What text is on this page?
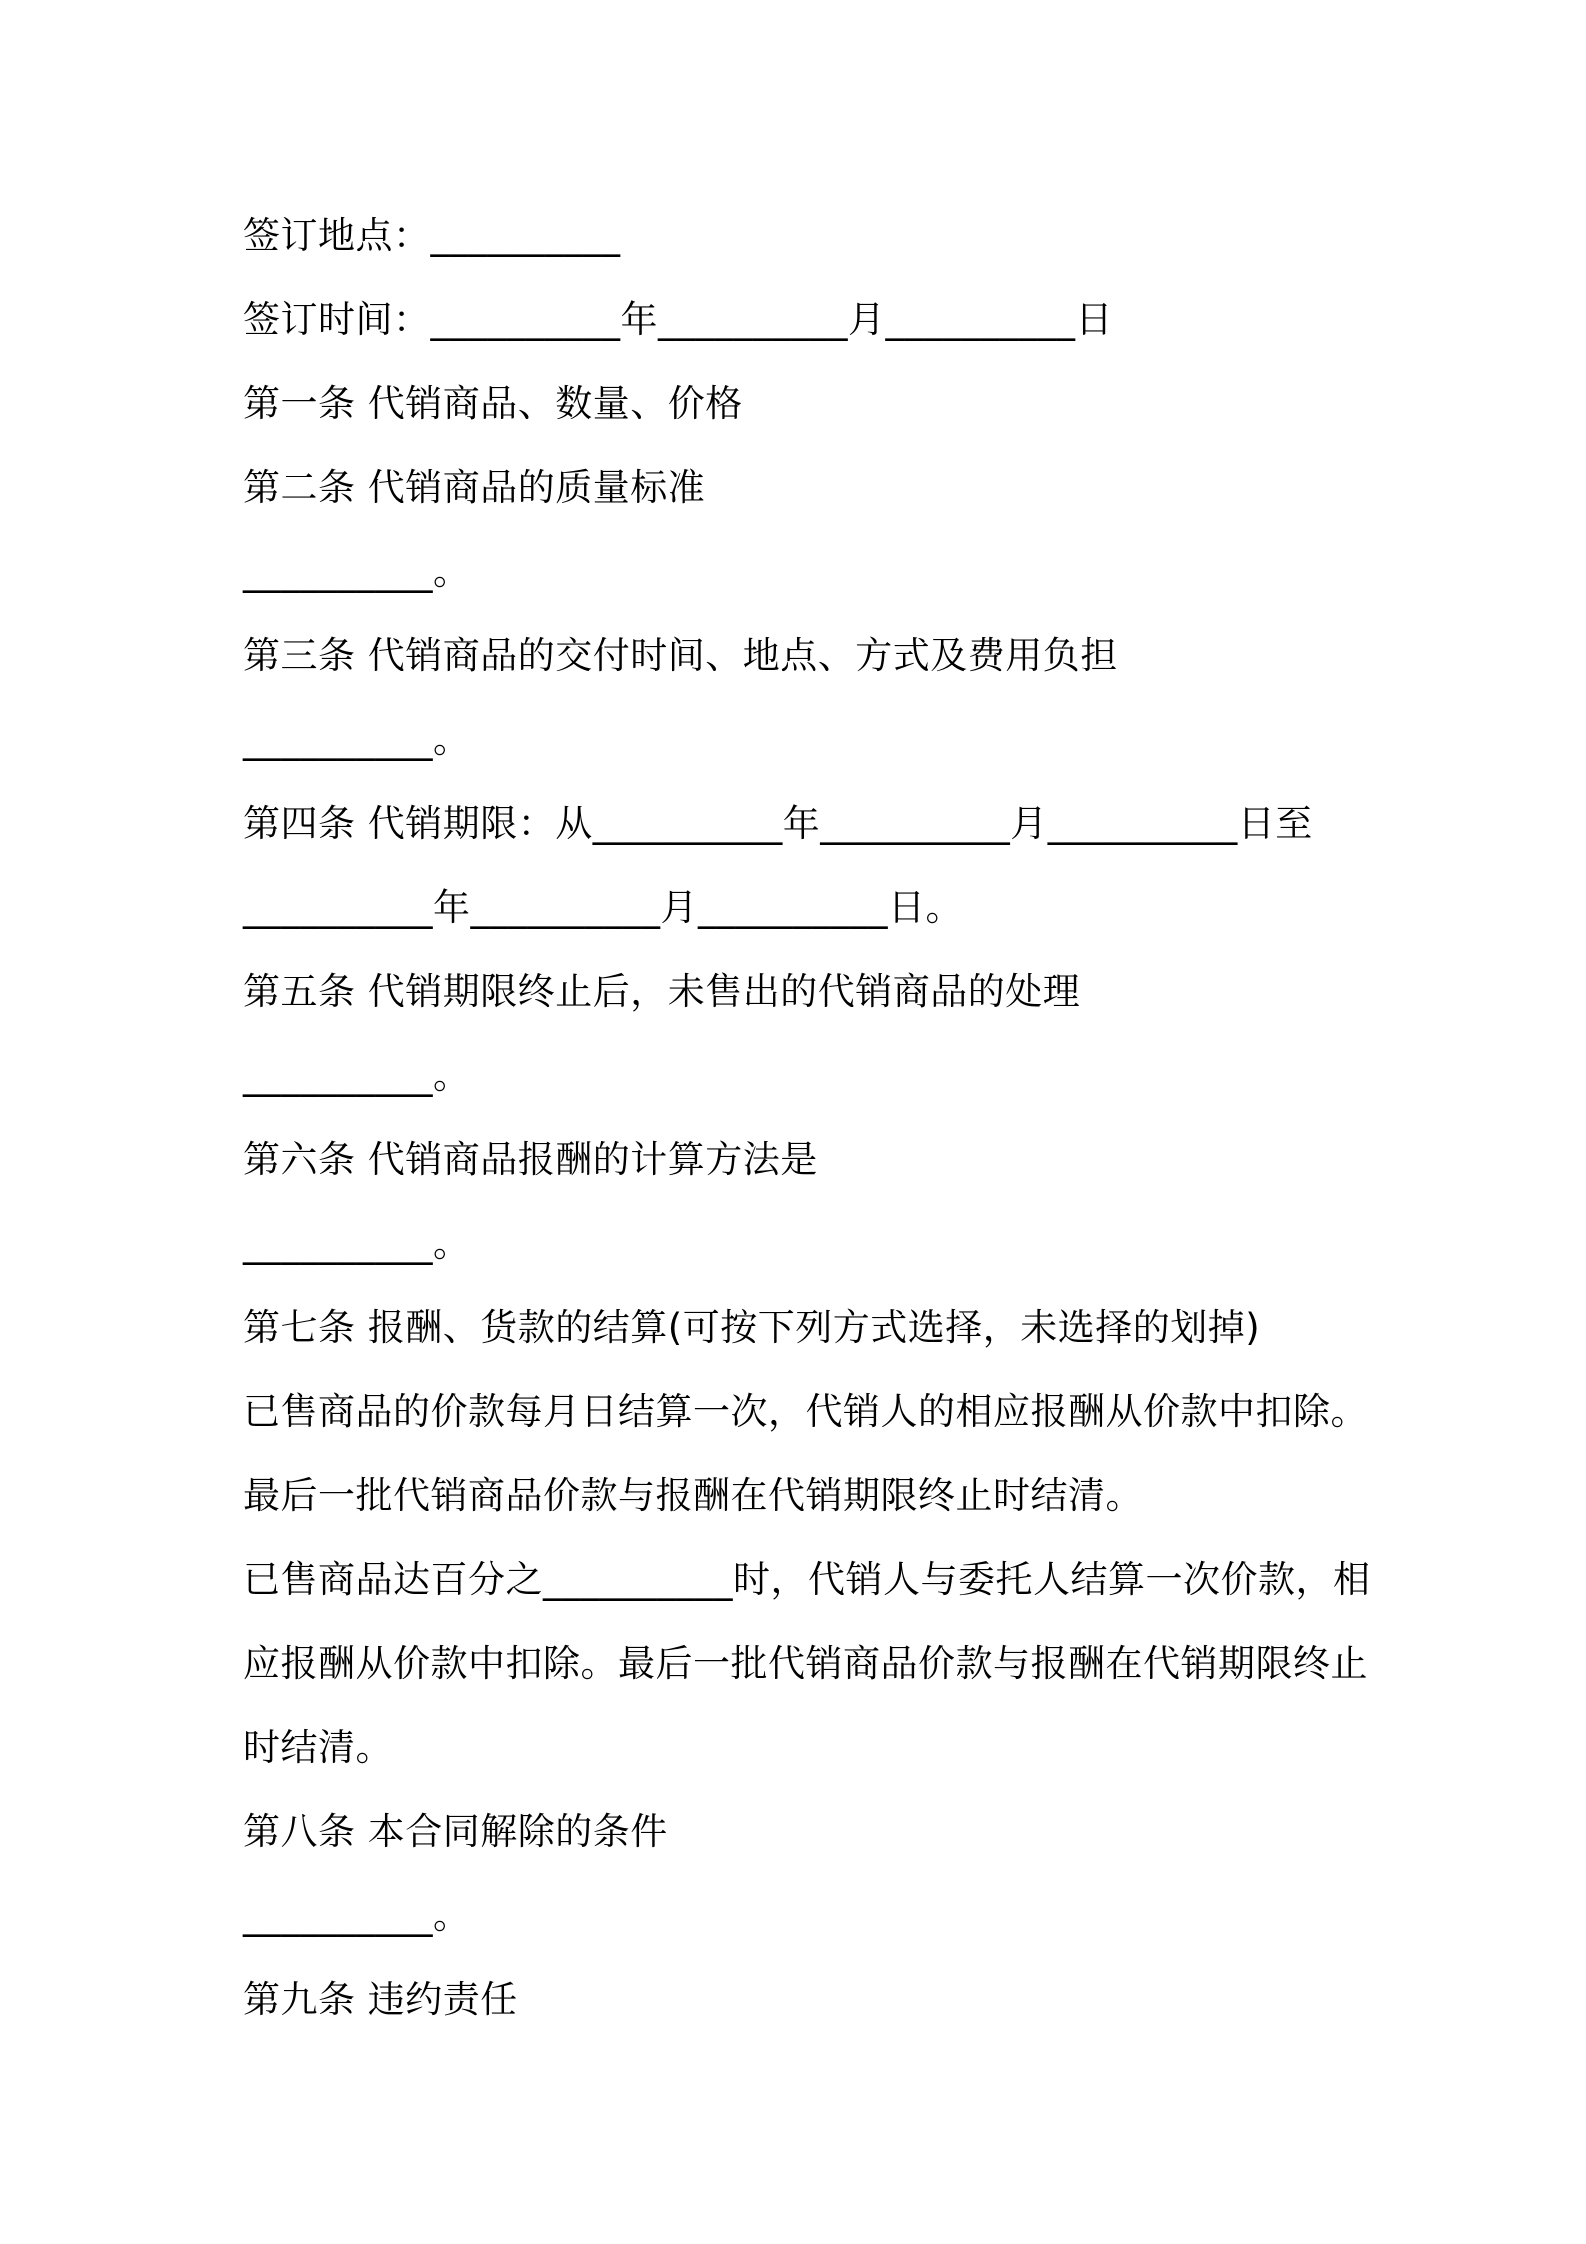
签订地点：__________

签订时间：__________年__________月__________日

第一条 代销商品、数量、价格

第二条 代销商品的质量标准

__________。

第三条 代销商品的交付时间、地点、方式及费用负担

__________。

第四条 代销期限：从__________年__________月__________日至

__________年__________月__________日。

第五条 代销期限终止后，未售出的代销商品的处理

__________。

第六条 代销商品报酬的计算方法是

__________。

第七条 报酬、货款的结算(可按下列方式选择，未选择的划掉)

已售商品的价款每月日结算一次，代销人的相应报酬从价款中扣除。

最后一批代销商品价款与报酬在代销期限终止时结清。

已售商品达百分之__________时，代销人与委托人结算一次价款，相

应报酬从价款中扣除。最后一批代销商品价款与报酬在代销期限终止

时结清。

第八条 本合同解除的条件

__________。

第九条 违约责任
